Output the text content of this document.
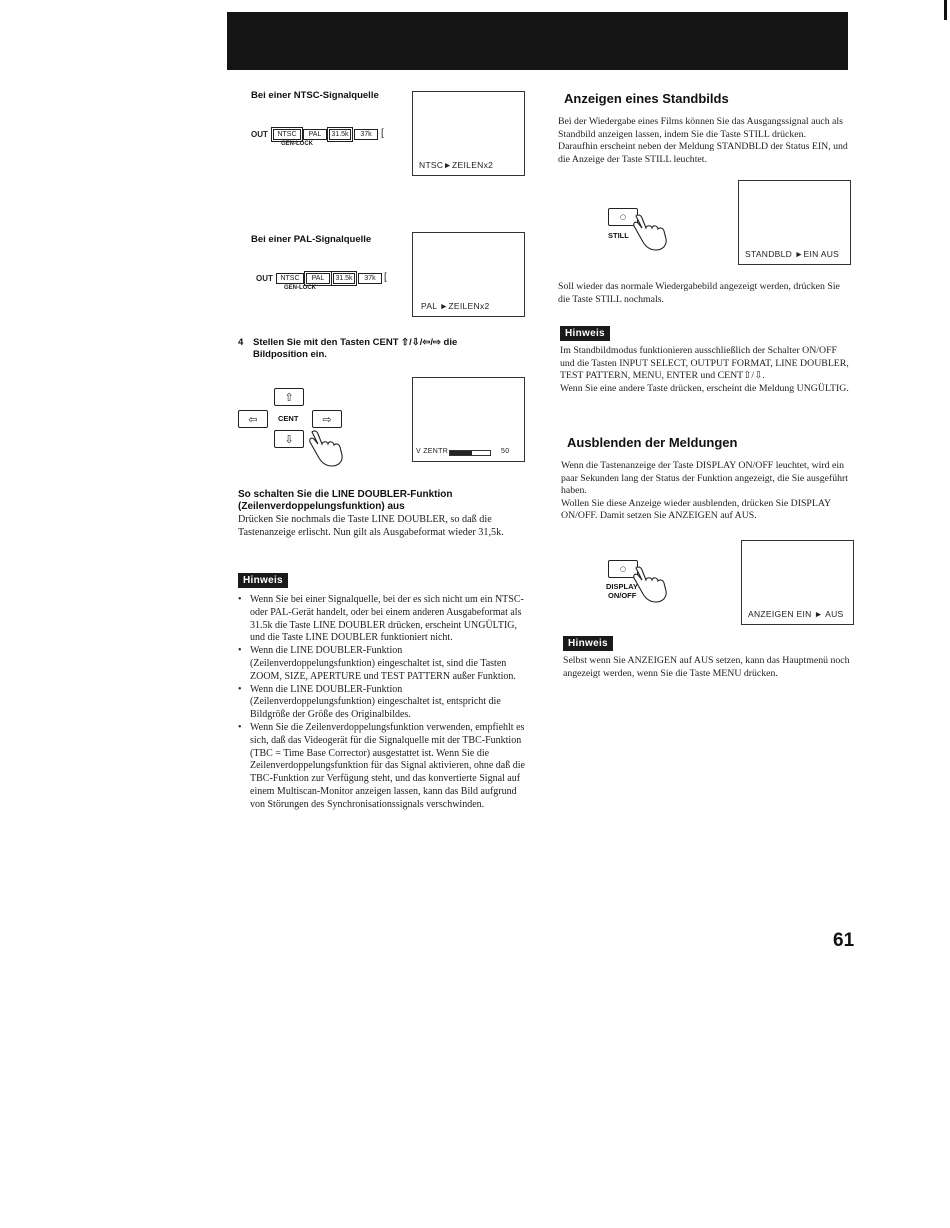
Bei einer NTSC-Signalquelle
OUT	NTSC	PAL	31.5k	37k [
GEN-LOCK
NTSC►ZEILENx2
Bei einer PAL-Signalquelle
OUT	NTSC	PAL	31.5k	37k [
GEN-LOCK
PAL ►ZEILENx2
4 Stellen Sie mit den Tasten CENT ⇧/⇩/⇦/⇨ die Bildposition ein.
⇧
⇦	CENT ⇨
⇩
V ZENTR	50
So schalten Sie die LINE DOUBLER-Funktion (Zeilenverdoppelungsfunktion) aus
Drücken Sie nochmals die Taste LINE DOUBLER, so daß die Tastenanzeige erlischt. Nun gilt als Ausgabeformat wieder 31,5k.
Hinweis
• Wenn Sie bei einer Signalquelle, bei der es sich nicht um ein NTSC- oder PAL-Gerät handelt, oder bei einem anderen Ausgabeformat als 31.5k die Taste LINE DOUBLER drücken, erscheint UNGÜLTIG, und die Taste LINE DOUBLER funktioniert nicht.
• Wenn die LINE DOUBLER-Funktion (Zeilenverdoppelungsfunktion) eingeschaltet ist, sind die Tasten ZOOM, SIZE, APERTURE und TEST PATTERN außer Funktion.
• Wenn die LINE DOUBLER-Funktion (Zeilenverdoppelungsfunktion) eingeschaltet ist, entspricht die Bildgröße der Größe des Originalbildes.
• Wenn Sie die Zeilenverdoppelungsfunktion verwenden, empfiehlt es sich, daß das Videogerät für die Signalquelle mit der TBC-Funktion (TBC = Time Base Corrector) ausgestattet ist. Wenn Sie die Zeilenverdoppelungsfunktion für das Signal aktivieren, ohne daß die TBC-Funktion zur Verfügung steht, und das konvertierte Signal auf einem Multiscan-Monitor anzeigen lassen, kann das Bild aufgrund von Störungen des Synchronisationssignals verschwinden.
Anzeigen eines Standbilds
Bei der Wiedergabe eines Films können Sie das Ausgangssignal auch als Standbild anzeigen lassen, indem Sie die Taste STILL drücken. Daraufhin erscheint neben der Meldung STANDBLD der Status EIN, und die Anzeige der Taste STILL leuchtet.
○
STILL
STANDBLD ►EIN AUS
Soll wieder das normale Wiedergabebild angezeigt werden, drücken Sie die Taste STILL nochmals.
Hinweis
Im Standbildmodus funktionieren ausschließlich der Schalter ON/OFF und die Tasten INPUT SELECT, OUTPUT FORMAT, LINE DOUBLER, TEST PATTERN, MENU, ENTER und CENT⇧/⇩.
Wenn Sie eine andere Taste drücken, erscheint die Meldung UNGÜLTIG.
Ausblenden der Meldungen
Wenn die Tastenanzeige der Taste DISPLAY ON/OFF leuchtet, wird ein paar Sekunden lang der Status der Funktion angezeigt, die Sie ausgeführt haben.
Wollen Sie diese Anzeige wieder ausblenden, drücken Sie DISPLAY ON/OFF. Damit setzen Sie ANZEIGEN auf AUS.
○
DISPLAY
ON/OFF
ANZEIGEN EIN ► AUS
Hinweis
Selbst wenn Sie ANZEIGEN auf AUS setzen, kann das Hauptmenü noch angezeigt werden, wenn Sie die Taste MENU drücken.
61
